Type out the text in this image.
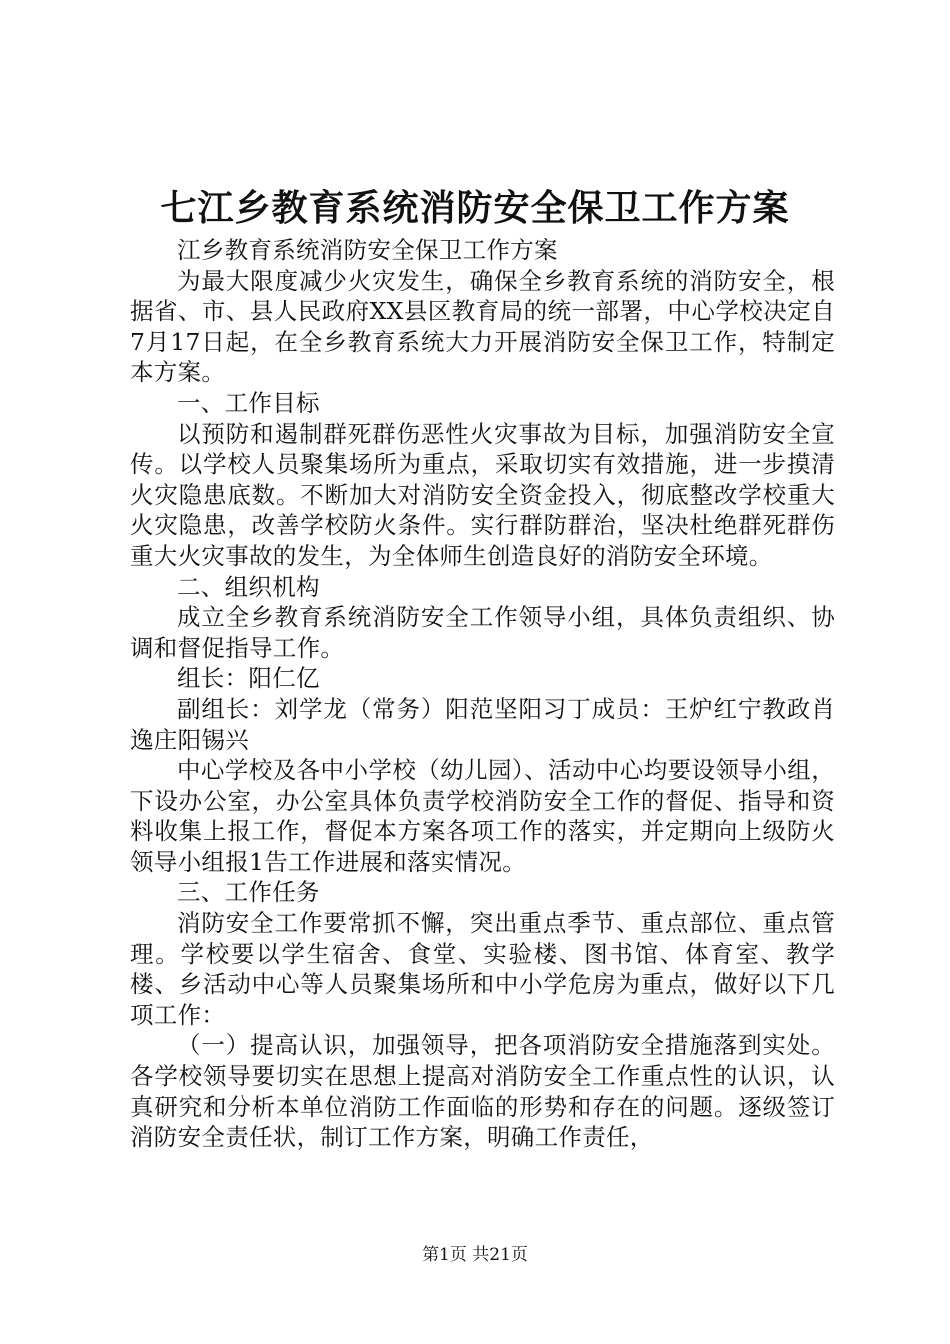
七江乡教育系统消防安全保卫工作方案

江乡教育系统消防安全保卫工作方案

为最大限度减少火灾发生，确保全乡教育系统的消防安全，根据省、市、县人民政府XX县区教育局的统一部署，中心学校决定自7月17日起，在全乡教育系统大力开展消防安全保卫工作，特制定本方案。

一、工作目标

以预防和遏制群死群伤恶性火灾事故为目标，加强消防安全宣传。以学校人员聚集场所为重点，采取切实有效措施，进一步摸清火灾隐患底数。不断加大对消防安全资金投入，彻底整改学校重大火灾隐患，改善学校防火条件。实行群防群治，坚决杜绝群死群伤重大火灾事故的发生，为全体师生创造良好的消防安全环境。

二、组织机构

成立全乡教育系统消防安全工作领导小组，具体负责组织、协调和督促指导工作。

组长：阳仁亿

副组长：刘学龙（常务）阳范坚阳习丁成员：王炉红宁教政肖逸庄阳锡兴

中心学校及各中小学校（幼儿园）、活动中心均要设领导小组，下设办公室，办公室具体负责学校消防安全工作的督促、指导和资料收集上报工作，督促本方案各项工作的落实，并定期向上级防火领导小组报1告工作进展和落实情况。

三、工作任务

消防安全工作要常抓不懈，突出重点季节、重点部位、重点管理。学校要以学生宿舍、食堂、实验楼、图书馆、体育室、教学楼、乡活动中心等人员聚集场所和中小学危房为重点，做好以下几项工作：

（一）提高认识，加强领导，把各项消防安全措施落到实处。各学校领导要切实在思想上提高对消防安全工作重点性的认识，认真研究和分析本单位消防工作面临的形势和存在的问题。逐级签订消防安全责任状，制订工作方案，明确工作责任，

第1页 共21页
